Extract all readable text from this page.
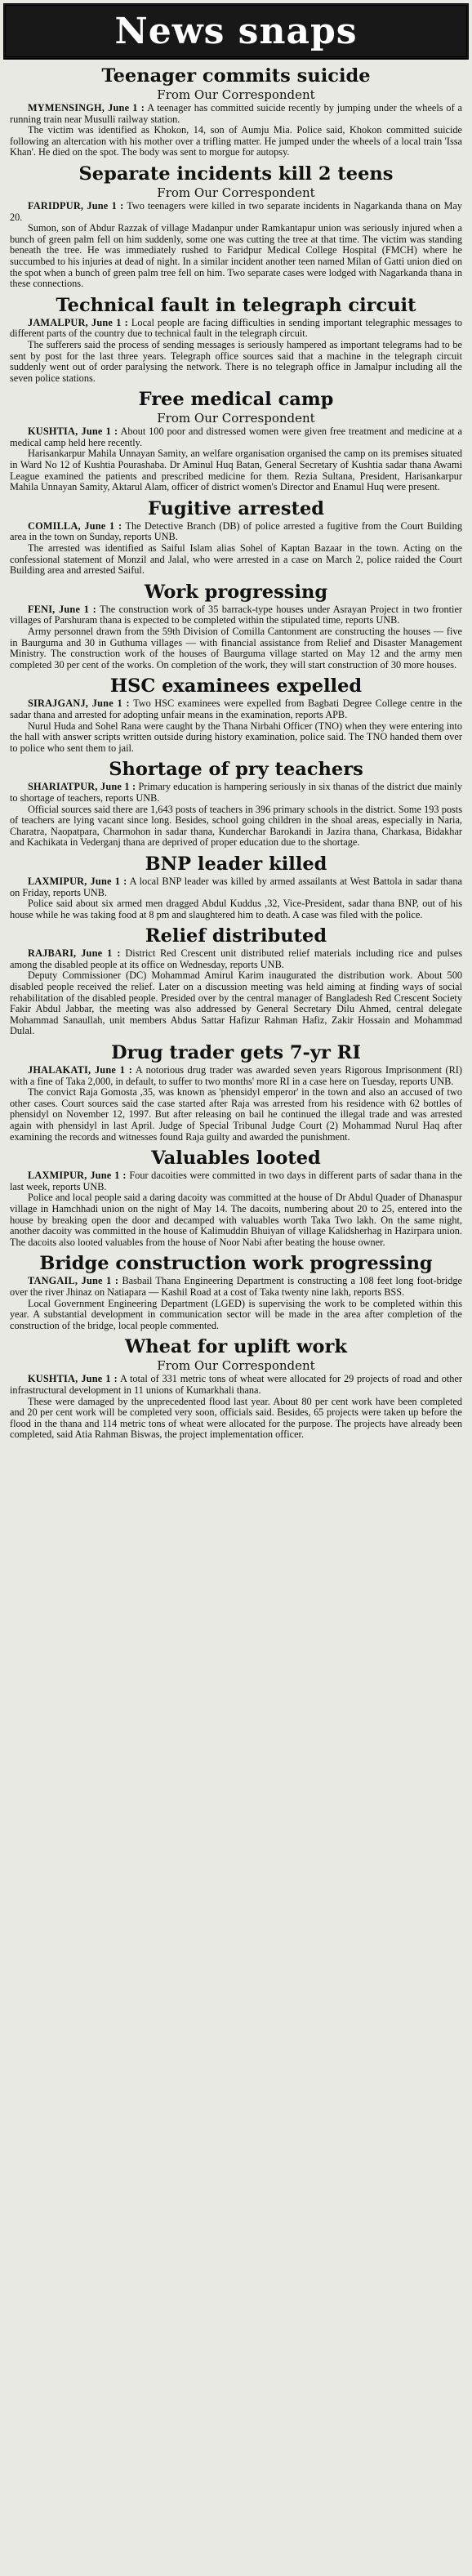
News snaps
Teenager commits suicide
From Our Correspondent

MYMENSINGH, June 1 : A teenager has committed suicide recently by jumping under the wheels of a running train near Musulli railway station.

The victim was identified as Khokon, 14, son of Aumju Mia. Police said, Khokon committed suicide following an altercation with his mother over a trifling matter. He jumped under the wheels of a local train 'Issa Khan'. He died on the spot. The body was sent to morgue for autopsy.

Separate incidents kill 2 teens
From Our Correspondent

FARIDPUR, June 1 : Two teenagers were killed in two separate incidents in Nagarkanda thana on May 20.

Sumon, son of Abdur Razzak of village Madanpur under Ramkantapur union was seriously injured when a bunch of green palm fell on him suddenly, some one was cutting the tree at that time. The victim was standing beneath the tree. He was immediately rushed to Faridpur Medical College Hospital (FMCH) where he succumbed to his injuries at dead of night. In a similar incident another teen named Milan of Gatti union died on the spot when a bunch of green palm tree fell on him. Two separate cases were lodged with Nagarkanda thana in these connections.

Technical fault in telegraph circuit

JAMALPUR, June 1 : Local people are facing difficulties in sending important telegraphic messages to different parts of the country due to technical fault in the telegraph circuit.

The sufferers said the process of sending messages is seriously hampered as important telegrams had to be sent by post for the last three years. Telegraph office sources said that a machine in the telegraph circuit suddenly went out of order paralysing the network. There is no telegraph office in Jamalpur including all the seven police stations.

Free medical camp
From Our Correspondent

KUSHTIA, June 1 : About 100 poor and distressed women were given free treatment and medicine at a medical camp held here recently.

Harisankarpur Mahila Unnayan Samity, an welfare organisation organised the camp on its premises situated in Ward No 12 of Kushtia Pourashaba. Dr Aminul Huq Batan, General Secretary of Kushtia sadar thana Awami League examined the patients and prescribed medicine for them. Rezia Sultana, President, Harisankarpur Mahila Unnayan Samity, Aktarul Alam, officer of district women's Director and Enamul Huq were present.

Fugitive arrested

COMILLA, June 1 : The Detective Branch (DB) of police arrested a fugitive from the Court Building area in the town on Sunday, reports UNB.

The arrested was identified as Saiful Islam alias Sohel of Kaptan Bazaar in the town. Acting on the confessional statement of Monzil and Jalal, who were arrested in a case on March 2, police raided the Court Building area and arrested Saiful.

Work progressing

FENI, June 1 : The construction work of 35 barrack-type houses under Asrayan Project in two frontier villages of Parshuram thana is expected to be completed within the stipulated time, reports UNB.

Army personnel drawn from the 59th Division of Comilla Cantonment are constructing the houses — five in Baurguma and 30 in Guthuma villages — with financial assistance from Relief and Disaster Management Ministry. The construction work of the houses of Baurguma village started on May 12 and the army men completed 30 per cent of the works. On completion of the work, they will start construction of 30 more houses.

HSC examinees expelled

SIRAJGANJ, June 1 : Two HSC examinees were expelled from Bagbati Degree College centre in the sadar thana and arrested for adopting unfair means in the examination, reports APB.

Nurul Huda and Sohel Rana were caught by the Thana Nirbahi Officer (TNO) when they were entering into the hall with answer scripts written outside during history examination, police said. The TNO handed them over to police who sent them to jail.

Shortage of pry teachers

SHARIATPUR, June 1 : Primary education is hampering seriously in six thanas of the district due mainly to shortage of teachers, reports UNB.

Official sources said there are 1,643 posts of teachers in 396 primary schools in the district. Some 193 posts of teachers are lying vacant since long. Besides, school going children in the shoal areas, especially in Naria, Charatra, Naopatpara, Charmohon in sadar thana, Kunderchar Barokandi in Jazira thana, Charkasa, Bidakhar and Kachikata in Vederganj thana are deprived of proper education due to the shortage.

BNP leader killed

LAXMIPUR, June 1 : A local BNP leader was killed by armed assailants at West Battola in sadar thana on Friday, reports UNB.

Police said about six armed men dragged Abdul Kuddus ,32, Vice-President, sadar thana BNP, out of his house while he was taking food at 8 pm and slaughtered him to death. A case was filed with the police.

Relief distributed

RAJBARI, June 1 : District Red Crescent unit distributed relief materials including rice and pulses among the disabled people at its office on Wednesday, reports UNB.

Deputy Commissioner (DC) Mohammad Amirul Karim inaugurated the distribution work. About 500 disabled people received the relief. Later on a discussion meeting was held aiming at finding ways of social rehabilitation of the disabled people. Presided over by the central manager of Bangladesh Red Crescent Society Fakir Abdul Jabbar, the meeting was also addressed by General Secretary Dilu Ahmed, central delegate Mohammad Sanaullah, unit members Abdus Sattar Hafizur Rahman Hafiz, Zakir Hossain and Mohammad Dulal.

Drug trader gets 7-yr RI

JHALAKATI, June 1 : A notorious drug trader was awarded seven years Rigorous Imprisonment (RI) with a fine of Taka 2,000, in default, to suffer to two months' more RI in a case here on Tuesday, reports UNB.

The convict Raja Gomosta ,35, was known as 'phensidyl emperor' in the town and also an accused of two other cases. Court sources said the case started after Raja was arrested from his residence with 62 bottles of phensidyl on November 12, 1997. But after releasing on bail he continued the illegal trade and was arrested again with phensidyl in last April. Judge of Special Tribunal Judge Court (2) Mohammad Nurul Haq after examining the records and witnesses found Raja guilty and awarded the punishment.

Valuables looted

LAXMIPUR, June 1 : Four dacoities were committed in two days in different parts of sadar thana in the last week, reports UNB.

Police and local people said a daring dacoity was committed at the house of Dr Abdul Quader of Dhanaspur village in Hamchhadi union on the night of May 14. The dacoits, numbering about 20 to 25, entered into the house by breaking open the door and decamped with valuables worth Taka Two lakh. On the same night, another dacoity was committed in the house of Kalimuddin Bhuiyan of village Kalidsherhag in Hazirpara union. The dacoits also looted valuables from the house of Noor Nabi after beating the house owner.

Bridge construction work progressing

TANGAIL, June 1 : Basbail Thana Engineering Department is constructing a 108 feet long foot-bridge over the river Jhinaz on Natiapara — Kashil Road at a cost of Taka twenty nine lakh, reports BSS.

Local Government Engineering Department (LGED) is supervising the work to be completed within this year. A substantial development in communication sector will be made in the area after completion of the construction of the bridge, local people commented.

Wheat for uplift work
From Our Correspondent

KUSHTIA, June 1 : A total of 331 metric tons of wheat were allocated for 29 projects of road and other infrastructural development in 11 unions of Kumarkhali thana.

These were damaged by the unprecedented flood last year. About 80 per cent work have been completed and 20 per cent work will be completed very soon, officials said. Besides, 65 projects were taken up before the flood in the thana and 114 metric tons of wheat were allocated for the purpose. The projects have already been completed, said Atia Rahman Biswas, the project implementation officer.
